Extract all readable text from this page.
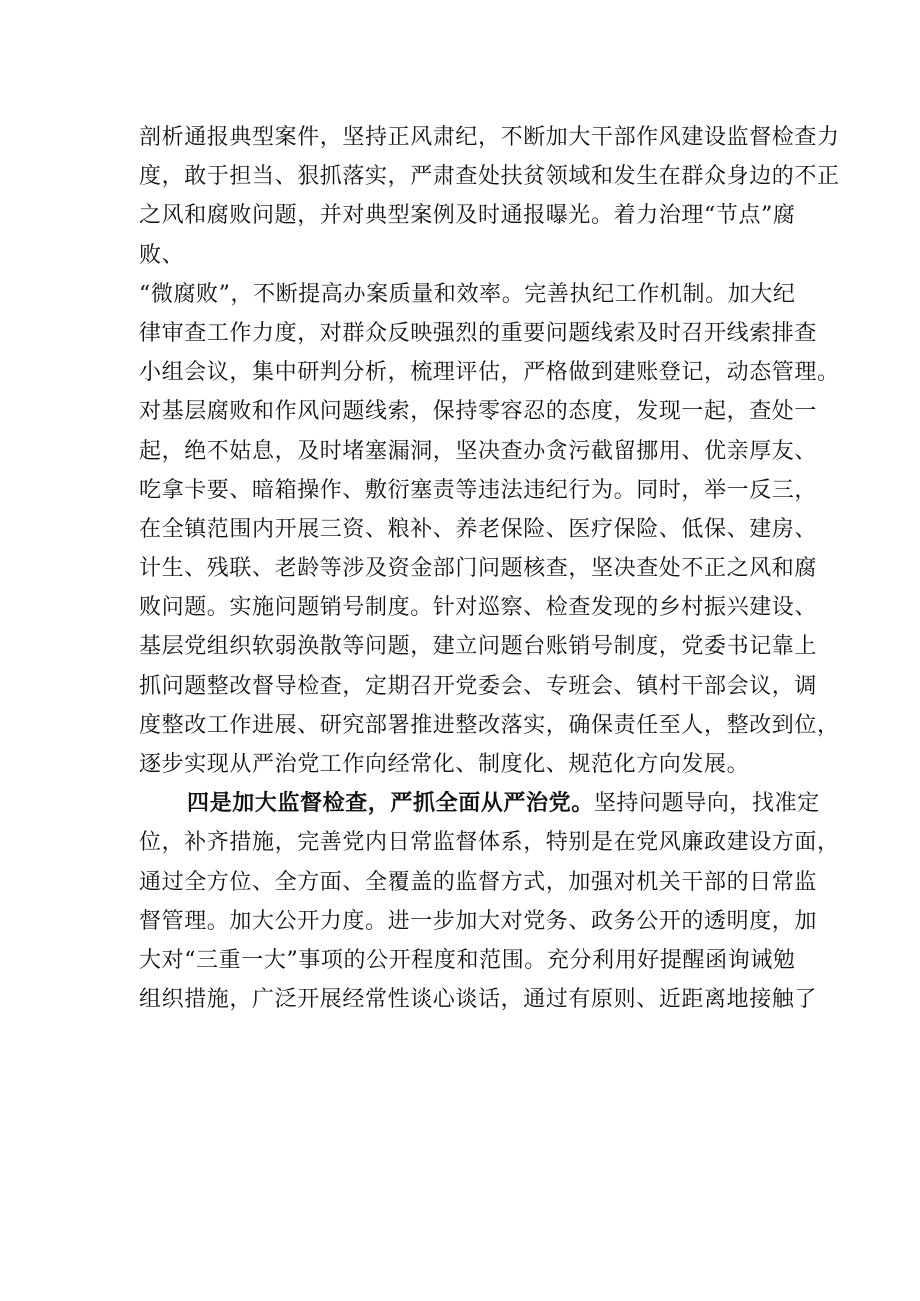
剖析通报典型案件，坚持正风肃纪，不断加大干部作风建设监督检查力
度，敢于担当、狠抓落实，严肃查处扶贫领域和发生在群众身边的不正
之风和腐败问题，并对典型案例及时通报曝光。着力治理“节点”腐
败、
“微腐败”，不断提高办案质量和效率。完善执纪工作机制。加大纪
律审查工作力度，对群众反映强烈的重要问题线索及时召开线索排查
小组会议，集中研判分析，梳理评估，严格做到建账登记，动态管理。
对基层腐败和作风问题线索，保持零容忍的态度，发现一起，查处一
起，绝不姑息，及时堵塞漏洞，坚决查办贪污截留挪用、优亲厚友、
吃拿卡要、暗箱操作、敷衍塞责等违法违纪行为。同时，举一反三，
在全镇范围内开展三资、粮补、养老保险、医疗保险、低保、建房、
计生、残联、老龄等涉及资金部门问题核查，坚决查处不正之风和腐
败问题。实施问题销号制度。针对巡察、检查发现的乡村振兴建设、
基层党组织软弱涣散等问题，建立问题台账销号制度，党委书记靠上
抓问题整改督导检查，定期召开党委会、专班会、镇村干部会议，调
度整改工作进展、研究部署推进整改落实，确保责任至人，整改到位，
逐步实现从严治党工作向经常化、制度化、规范化方向发展。
四是加大监督检查，严抓全面从严治党。坚持问题导向，找准定
位，补齐措施，完善党内日常监督体系，特别是在党风廉政建设方面，
通过全方位、全方面、全覆盖的监督方式，加强对机关干部的日常监
督管理。加大公开力度。进一步加大对党务、政务公开的透明度，加
大对“三重一大”事项的公开程度和范围。充分利用好提醒函询诫勉
组织措施，广泛开展经常性谈心谈话，通过有原则、近距离地接触了
